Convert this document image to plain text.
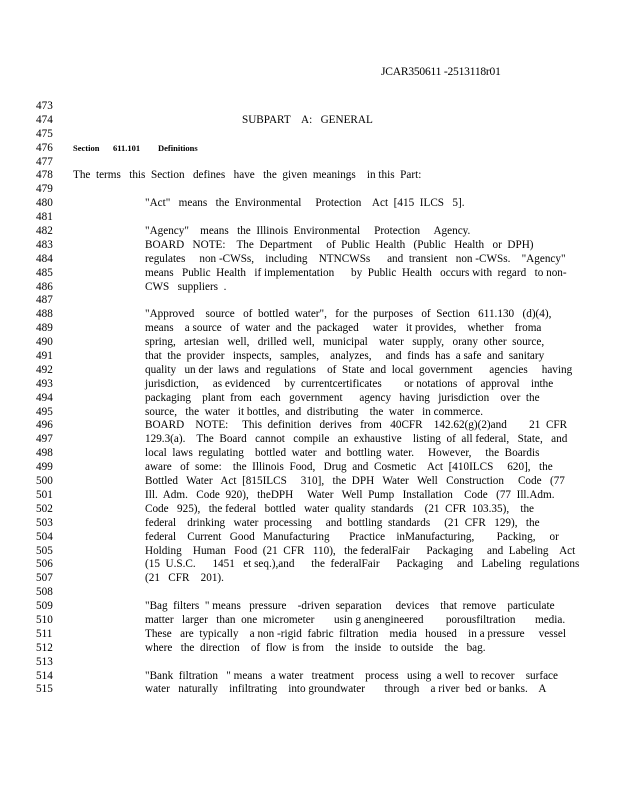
JCAR350611 -2513118r01
473
474	SUBPART    A:   GENERAL
475
476	Section 611.101 Definitions
477
478 The  terms   this  Section   defines   have   the  given  meanings    in this  Part:
479
480	"Act"   means   the  Environmental     Protection    Act  [415  ILCS   5].
481
482	"Agency"    means   the  Illinois  Environmental     Protection     Agency.
483	BOARD   NOTE:    The  Department     of  Public  Health   (Public   Health   or  DPH)
484	regulates     non -CWSs,    including    NTNCWSs      and  transient   non -CWSs.    "Agency"
485	means   Public  Health   if implementation      by  Public  Health   occurs with  regard   to non-
486	CWS   suppliers  .
487
488	"Approved    source   of  bottled  water",   for  the  purposes   of  Section   611.130   (d)(4),
489	means    a source   of  water  and  the  packaged     water   it provides,    whether    froma
490	spring,   artesian   well,   drilled  well,   municipal    water   supply,   orany  other  source,
491	that  the  provider   inspects,   samples,    analyzes,     and  finds  has  a safe  and  sanitary
492	quality   un der  laws  and  regulations    of  State  and  local  government      agencies     having
493	jurisdiction,     as evidenced     by  currentcertificates        or notations   of  approval    inthe
494	packaging    plant  from   each   government      agency   having   jurisdiction    over  the
495	source,   the  water   it bottles,  and  distributing    the  water   in commerce.
496	BOARD    NOTE:     This  definition   derives   from   40CFR    142.62(g)(2)and        21  CFR
497	129.3(a).    The  Board   cannot   compile   an  exhaustive    listing  of  all federal,   State,   and
498	local  laws  regulating    bottled  water   and  bottling  water.     However,     the  Boardis
499	aware   of  some:    the  Illinois  Food,   Drug  and  Cosmetic    Act  [410ILCS     620],   the
500	Bottled   Water   Act  [815ILCS     310],   the  DPH   Water   Well   Construction     Code   (77
501	Ill.  Adm.   Code  920),   theDPH     Water   Well  Pump   Installation    Code   (77  Ill.Adm.
502	Code   925),   the federal   bottled   water  quality  standards    (21  CFR  103.35),    the
503	federal    drinking   water  processing     and  bottling  standards     (21  CFR   129),   the
504	federal    Current   Good   Manufacturing       Practice    inManufacturing,        Packing,     or
505	Holding    Human   Food  (21  CFR   110),   the federalFair      Packaging     and  Labeling    Act
506	(15  U.S.C.      1451   et seq.),and      the  federalFair      Packaging     and   Labeling   regulations
507	(21   CFR    201).
508
509	"Bag  filters  " means   pressure    -driven  separation     devices    that  remove    particulate
510	matter   larger   than  one  micrometer       usin g anengineered        porousfiltration       media.
511	These   are  typically    a non -rigid  fabric  filtration    media   housed    in a pressure     vessel
512	where   the  direction    of  flow  is from    the  inside   to outside    the   bag.
513
514	"Bank  filtration   " means   a water   treatment    process   using  a well  to recover    surface
515	water   naturally    infiltrating    into groundwater       through    a river  bed  or banks.    A
